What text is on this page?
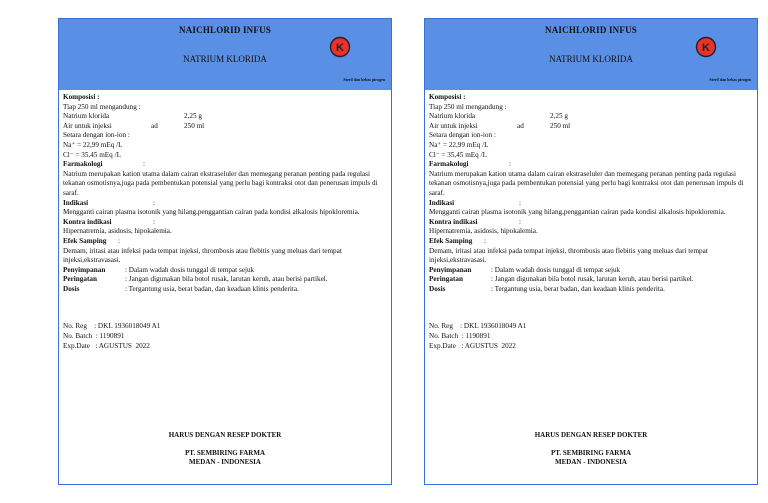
NAICHLORID INFUS
K
NATRIUM KLORIDA
Steril dan bebas pirogen
Komposisi :
Tiap 250 ml mengandung :
Natrium klorida	2,25 g
Air untuk injeksi	ad	250 ml
Setara dengan ion-ion :
Na⁺ = 22,99 mEq /L
Cl⁻ = 35,45 mEq /L
Farmakologi	:
Natrium merupakan kation utama dalam cairan ekstraseluler dan memegang peranan penting pada regulasi tekanan osmotisnya,juga pada pembentukan potensial yang perlu bagi kontraksi otot dan penerusan impuls di saraf.
Indikasi	:
Mengganti cairan plasma isotonik yang hilang,penggantian cairan pada kondisi alkalosis hipokloremia.
Kontra indikasi	:
Hipernatremia, asidosis, hipokalemia.
Efek Samping :
Demam, iritasi atau infeksi pada tempat injeksi, thrombosis atau flebitis yang meluas dari tempat injeksi,ekstravasasi.
Penyimpanan	: Dalam wadah dosis tunggal di tempat sejuk
Peringatan	: Jangan digunakan bila botol rusak, larutan keruh, atau berisi partikel.
Dosis	: Tergantung usia, berat badan, dan keadaan klinis penderita.
No. Reg    : DKL 1936018049 A1
No. Batch  : 1190891
Exp.Date   : AGUSTUS  2022
HARUS DENGAN RESEP DOKTER
PT. SEMBIRING FARMA
MEDAN - INDONESIA
NAICHLORID INFUS
K
NATRIUM KLORIDA
Steril dan bebas pirogen
Komposisi :
Tiap 250 ml mengandung :
Natrium klorida	2,25 g
Air untuk injeksi	ad	250 ml
Setara dengan ion-ion :
Na⁺ = 22,99 mEq /L
Cl⁻ = 35,45 mEq /L
Farmakologi	:
Natrium merupakan kation utama dalam cairan ekstraseluler dan memegang peranan penting pada regulasi tekanan osmotisnya,juga pada pembentukan potensial yang perlu bagi kontraksi otot dan penerusan impuls di saraf.
Indikasi	:
Mengganti cairan plasma isotonik yang hilang,penggantian cairan pada kondisi alkalosis hipokloremia.
Kontra indikasi	:
Hipernatremia, asidosis, hipokalemia.
Efek Samping :
Demam, iritasi atau infeksi pada tempat injeksi, thrombosis atau flebitis yang meluas dari tempat injeksi,ekstravasasi.
Penyimpanan	: Dalam wadah dosis tunggal di tempat sejuk
Peringatan	: Jangan digunakan bila botol rusak, larutan keruh, atau berisi partikel.
Dosis	: Tergantung usia, berat badan, dan keadaan klinis penderita.
No. Reg    : DKL 1936018049 A1
No. Batch  : 1190891
Exp.Date   : AGUSTUS  2022
HARUS DENGAN RESEP DOKTER
PT. SEMBIRING FARMA
MEDAN - INDONESIA
